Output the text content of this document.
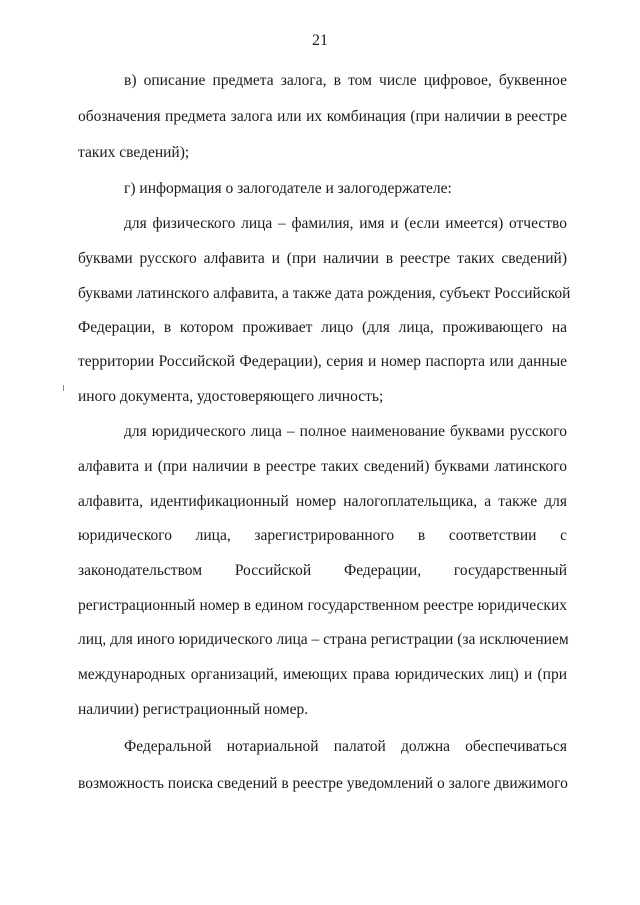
21
в) описание предмета залога, в том числе цифровое, буквенное
обозначения предмета залога или их комбинация (при наличии в реестре
таких сведений);
г) информация о залогодателе и залогодержателе:
для физического лица – фамилия, имя и (если имеется) отчество
буквами русского алфавита и (при наличии в реестре таких сведений)
буквами латинского алфавита, а также дата рождения, субъект Российской
Федерации, в котором проживает лицо (для лица, проживающего на
территории Российской Федерации), серия и номер паспорта или данные
иного документа, удостоверяющего личность;
для юридического лица – полное наименование буквами русского
алфавита и (при наличии в реестре таких сведений) буквами латинского
алфавита, идентификационный номер налогоплательщика, а также для
юридического лица, зарегистрированного в соответствии с
законодательством Российской Федерации, государственный
регистрационный номер в едином государственном реестре юридических
лиц, для иного юридического лица – страна регистрации (за исключением
международных организаций, имеющих права юридических лиц) и (при
наличии) регистрационный номер.
Федеральной нотариальной палатой должна обеспечиваться
возможность поиска сведений в реестре уведомлений о залоге движимого
